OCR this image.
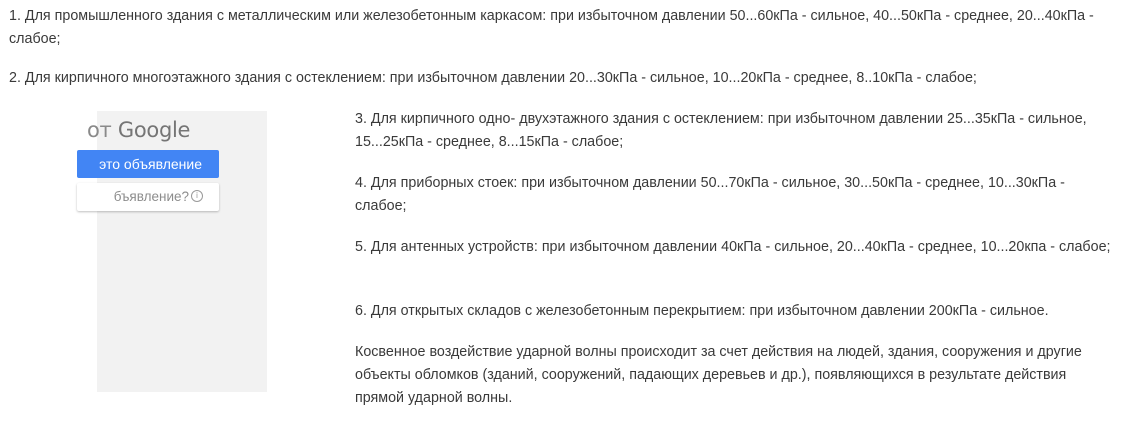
1. Для промышленного здания с металлическим или железобетонным каркасом: при избыточном давлении 50...60кПа - сильное, 40...50кПа - среднее, 20...40кПа - слабое;

2. Для кирпичного многоэтажного здания с остеклением: при избыточном давлении 20...30кПа - сильное, 10...20кПа - среднее, 8..10кПа - слабое;

от Google
это объявление
бъявление? i

3. Для кирпичного одно- двухэтажного здания с остеклением: при избыточном давлении 25...35кПа - сильное, 15...25кПа - среднее, 8...15кПа - слабое;

4. Для приборных стоек: при избыточном давлении 50...70кПа - сильное, 30...50кПа - среднее, 10...30кПа - слабое;

5. Для антенных устройств: при избыточном давлении 40кПа - сильное, 20...40кПа - среднее, 10...20кпа - слабое;

6. Для открытых складов с железобетонным перекрытием: при избыточном давлении 200кПа - сильное.

Косвенное воздействие ударной волны происходит за счет действия на людей, здания, сооружения и другие объекты обломков (зданий, сооружений, падающих деревьев и др.), появляющихся в результате действия прямой ударной волны.
